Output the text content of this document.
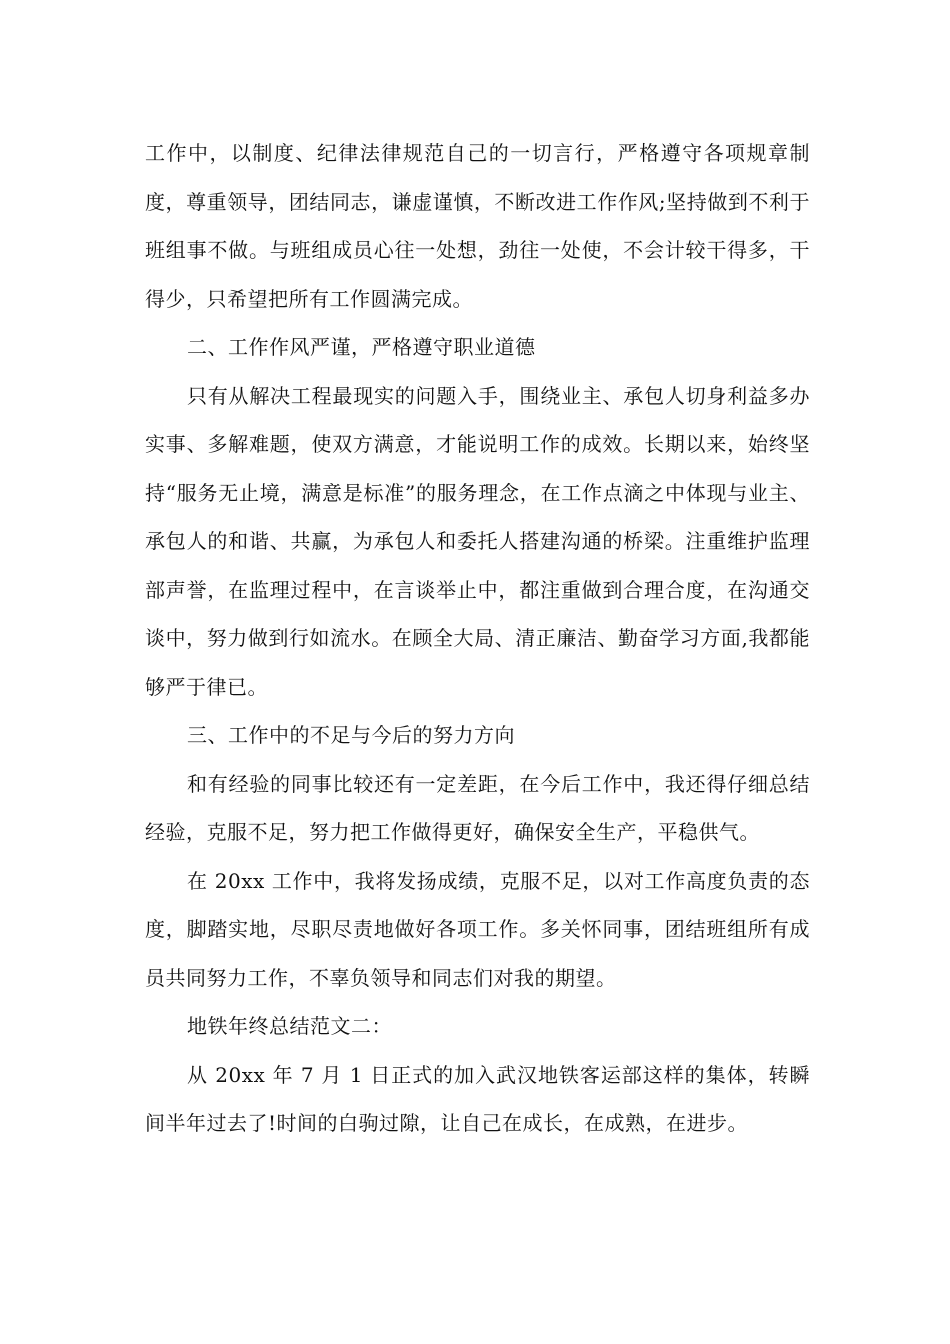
工作中，以制度、纪律法律规范自己的一切言行，严格遵守各项规章制度，尊重领导，团结同志，谦虚谨慎，不断改进工作作风;坚持做到不利于班组事不做。与班组成员心往一处想，劲往一处使，不会计较干得多，干得少，只希望把所有工作圆满完成。

二、工作作风严谨，严格遵守职业道德

只有从解决工程最现实的问题入手，围绕业主、承包人切身利益多办实事、多解难题，使双方满意，才能说明工作的成效。长期以来，始终坚持“服务无止境，满意是标准”的服务理念，在工作点滴之中体现与业主、承包人的和谐、共赢，为承包人和委托人搭建沟通的桥梁。注重维护监理部声誉，在监理过程中，在言谈举止中，都注重做到合理合度，在沟通交谈中，努力做到行如流水。在顾全大局、清正廉洁、勤奋学习方面,我都能够严于律已。

三、工作中的不足与今后的努力方向

和有经验的同事比较还有一定差距，在今后工作中，我还得仔细总结经验，克服不足，努力把工作做得更好，确保安全生产，平稳供气。

在 20xx 工作中，我将发扬成绩，克服不足，以对工作高度负责的态度，脚踏实地，尽职尽责地做好各项工作。多关怀同事，团结班组所有成员共同努力工作，不辜负领导和同志们对我的期望。

地铁年终总结范文二：

从 20xx 年 7 月 1 日正式的加入武汉地铁客运部这样的集体，转瞬间半年过去了!时间的白驹过隙，让自己在成长，在成熟，在进步。
